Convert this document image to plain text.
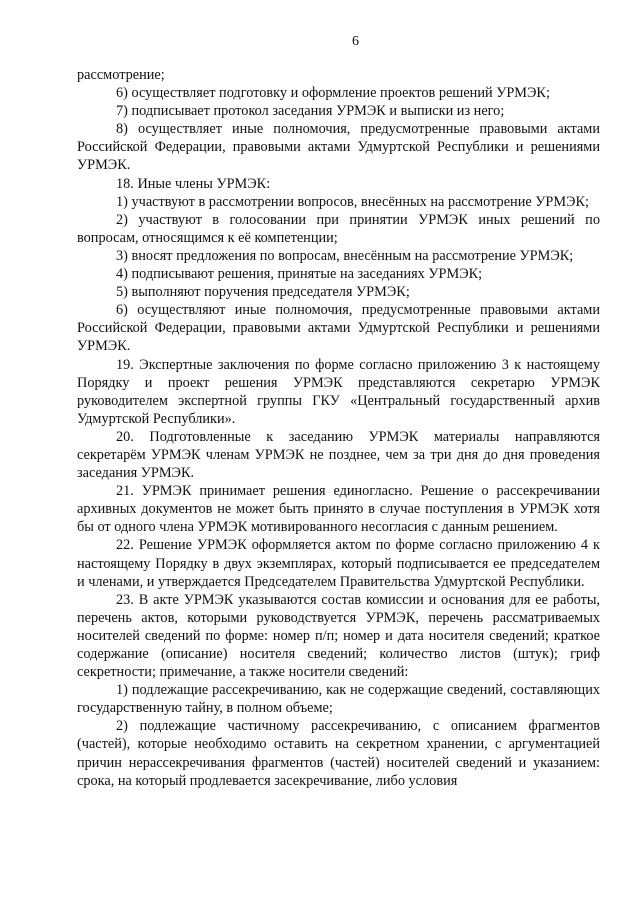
6

рассмотрение;

6) осуществляет подготовку и оформление проектов решений УРМЭК;

7) подписывает протокол заседания УРМЭК и выписки из него;

8) осуществляет иные полномочия, предусмотренные правовыми актами Российской Федерации, правовыми актами Удмуртской Республики и решениями УРМЭК.

18. Иные члены УРМЭК:

1) участвуют в рассмотрении вопросов, внесённых на рассмотрение УРМЭК;

2) участвуют в голосовании при принятии УРМЭК иных решений по вопросам, относящимся к её компетенции;

3) вносят предложения по вопросам, внесённым на рассмотрение УРМЭК;

4) подписывают решения, принятые на заседаниях УРМЭК;

5) выполняют поручения председателя УРМЭК;

6) осуществляют иные полномочия, предусмотренные правовыми актами Российской Федерации, правовыми актами Удмуртской Республики и решениями УРМЭК.

19. Экспертные заключения по форме согласно приложению 3 к настоящему Порядку и проект решения УРМЭК представляются секретарю УРМЭК руководителем экспертной группы ГКУ «Центральный государственный архив Удмуртской Республики».

20. Подготовленные к заседанию УРМЭК материалы направляются секретарём УРМЭК членам УРМЭК не позднее, чем за три дня до дня проведения заседания УРМЭК.

21. УРМЭК принимает решения единогласно. Решение о рассекречивании архивных документов не может быть принято в случае поступления в УРМЭК хотя бы от одного члена УРМЭК мотивированного несогласия с данным решением.

22. Решение УРМЭК оформляется актом по форме согласно приложению 4 к настоящему Порядку в двух экземплярах, который подписывается ее председателем и членами, и утверждается Председателем Правительства Удмуртской Республики.

23. В акте УРМЭК указываются состав комиссии и основания для ее работы, перечень актов, которыми руководствуется УРМЭК, перечень рассматриваемых носителей сведений по форме: номер п/п; номер и дата носителя сведений; краткое содержание (описание) носителя сведений; количество листов (штук); гриф секретности; примечание, а также носители сведений:

1) подлежащие рассекречиванию, как не содержащие сведений, составляющих государственную тайну, в полном объеме;

2) подлежащие частичному рассекречиванию, с описанием фрагментов (частей), которые необходимо оставить на секретном хранении, с аргументацией причин нерассекречивания фрагментов (частей) носителей сведений и указанием: срока, на который продлевается засекречивание, либо условия
